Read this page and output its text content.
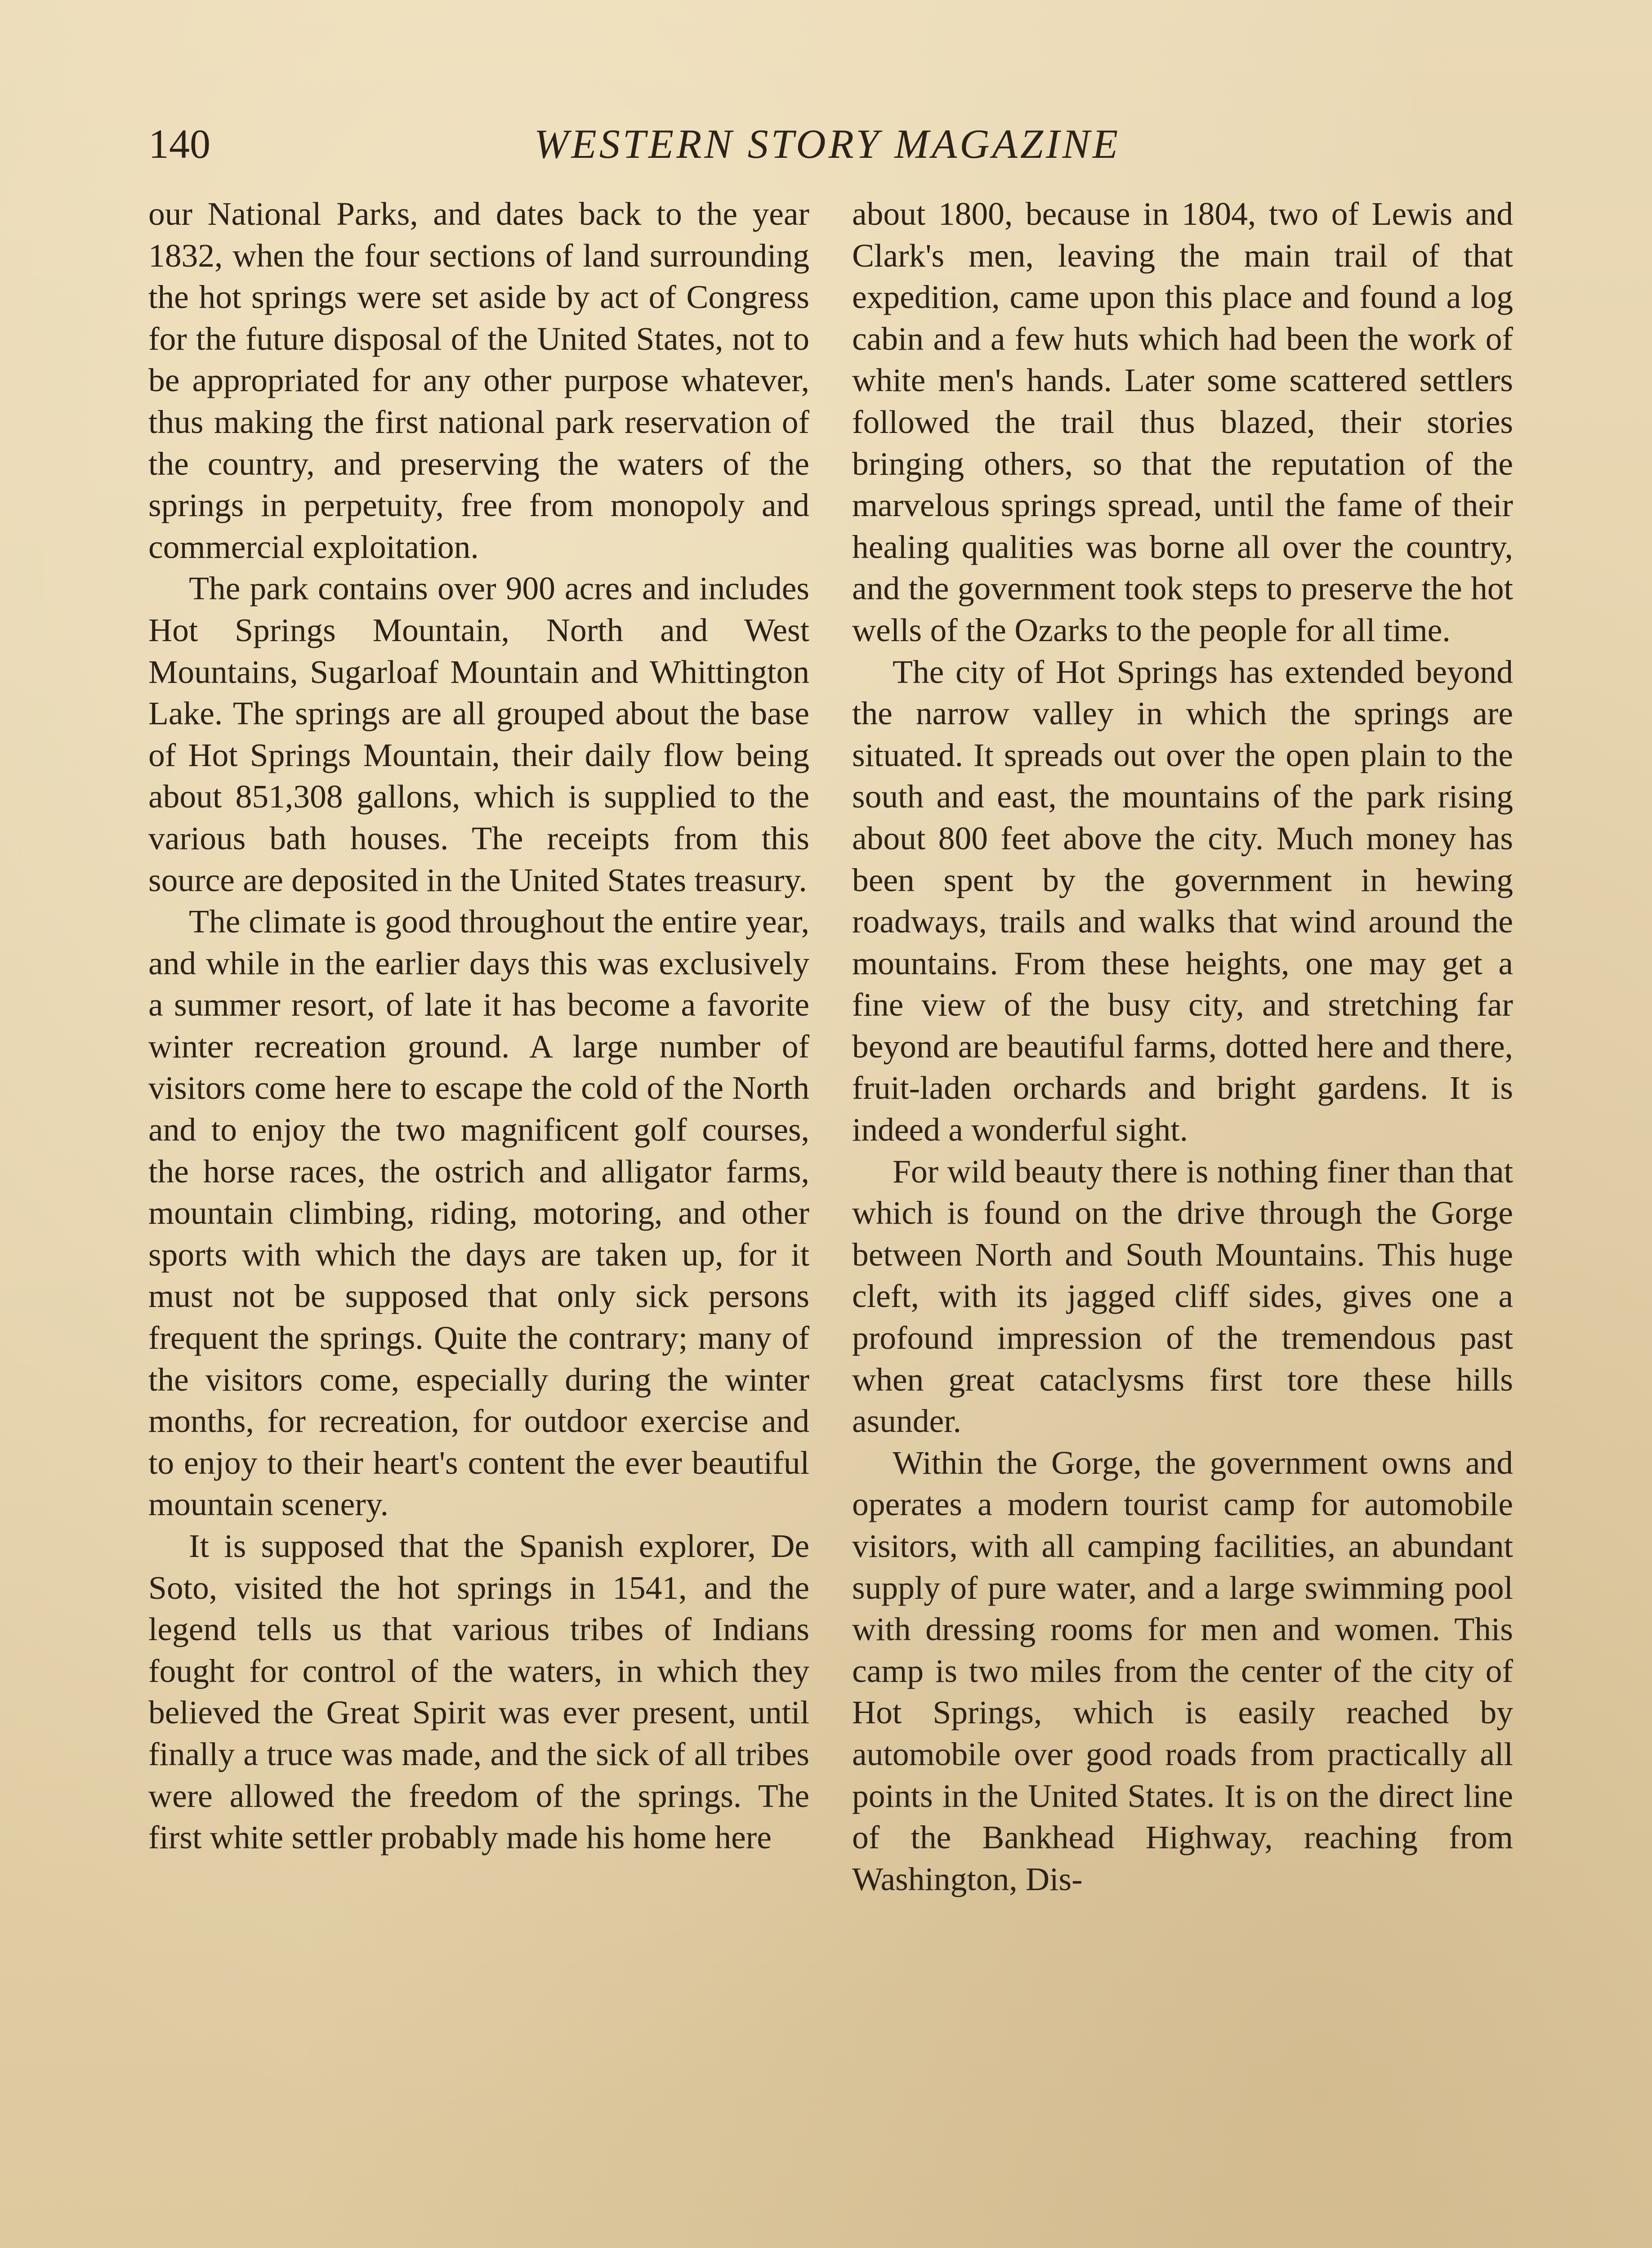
140	WESTERN STORY MAGAZINE

our National Parks, and dates back to the year 1832, when the four sections of land surrounding the hot springs were set aside by act of Congress for the future disposal of the United States, not to be appropriated for any other purpose whatever, thus making the first national park reservation of the country, and preserving the waters of the springs in perpetuity, free from monopoly and commercial exploitation.

The park contains over 900 acres and includes Hot Springs Mountain, North and West Mountains, Sugarloaf Mountain and Whittington Lake. The springs are all grouped about the base of Hot Springs Mountain, their daily flow being about 851,308 gallons, which is supplied to the various bath houses. The receipts from this source are deposited in the United States treasury.

The climate is good throughout the entire year, and while in the earlier days this was exclusively a summer resort, of late it has become a favorite winter recreation ground. A large number of visitors come here to escape the cold of the North and to enjoy the two magnificent golf courses, the horse races, the ostrich and alligator farms, mountain climbing, riding, motoring, and other sports with which the days are taken up, for it must not be supposed that only sick persons frequent the springs. Quite the contrary; many of the visitors come, especially during the winter months, for recreation, for outdoor exercise and to enjoy to their heart's content the ever beautiful mountain scenery.

It is supposed that the Spanish explorer, De Soto, visited the hot springs in 1541, and the legend tells us that various tribes of Indians fought for control of the waters, in which they believed the Great Spirit was ever present, until finally a truce was made, and the sick of all tribes were allowed the freedom of the springs. The first white settler probably made his home here

about 1800, because in 1804, two of Lewis and Clark's men, leaving the main trail of that expedition, came upon this place and found a log cabin and a few huts which had been the work of white men's hands. Later some scattered settlers followed the trail thus blazed, their stories bringing others, so that the reputation of the marvelous springs spread, until the fame of their healing qualities was borne all over the country, and the government took steps to preserve the hot wells of the Ozarks to the people for all time.

The city of Hot Springs has extended beyond the narrow valley in which the springs are situated. It spreads out over the open plain to the south and east, the mountains of the park rising about 800 feet above the city. Much money has been spent by the government in hewing roadways, trails and walks that wind around the mountains. From these heights, one may get a fine view of the busy city, and stretching far beyond are beautiful farms, dotted here and there, fruit-laden orchards and bright gardens. It is indeed a wonderful sight.

For wild beauty there is nothing finer than that which is found on the drive through the Gorge between North and South Mountains. This huge cleft, with its jagged cliff sides, gives one a profound impression of the tremendous past when great cataclysms first tore these hills asunder.

Within the Gorge, the government owns and operates a modern tourist camp for automobile visitors, with all camping facilities, an abundant supply of pure water, and a large swimming pool with dressing rooms for men and women. This camp is two miles from the center of the city of Hot Springs, which is easily reached by automobile over good roads from practically all points in the United States. It is on the direct line of the Bankhead Highway, reaching from Washington, Dis-
